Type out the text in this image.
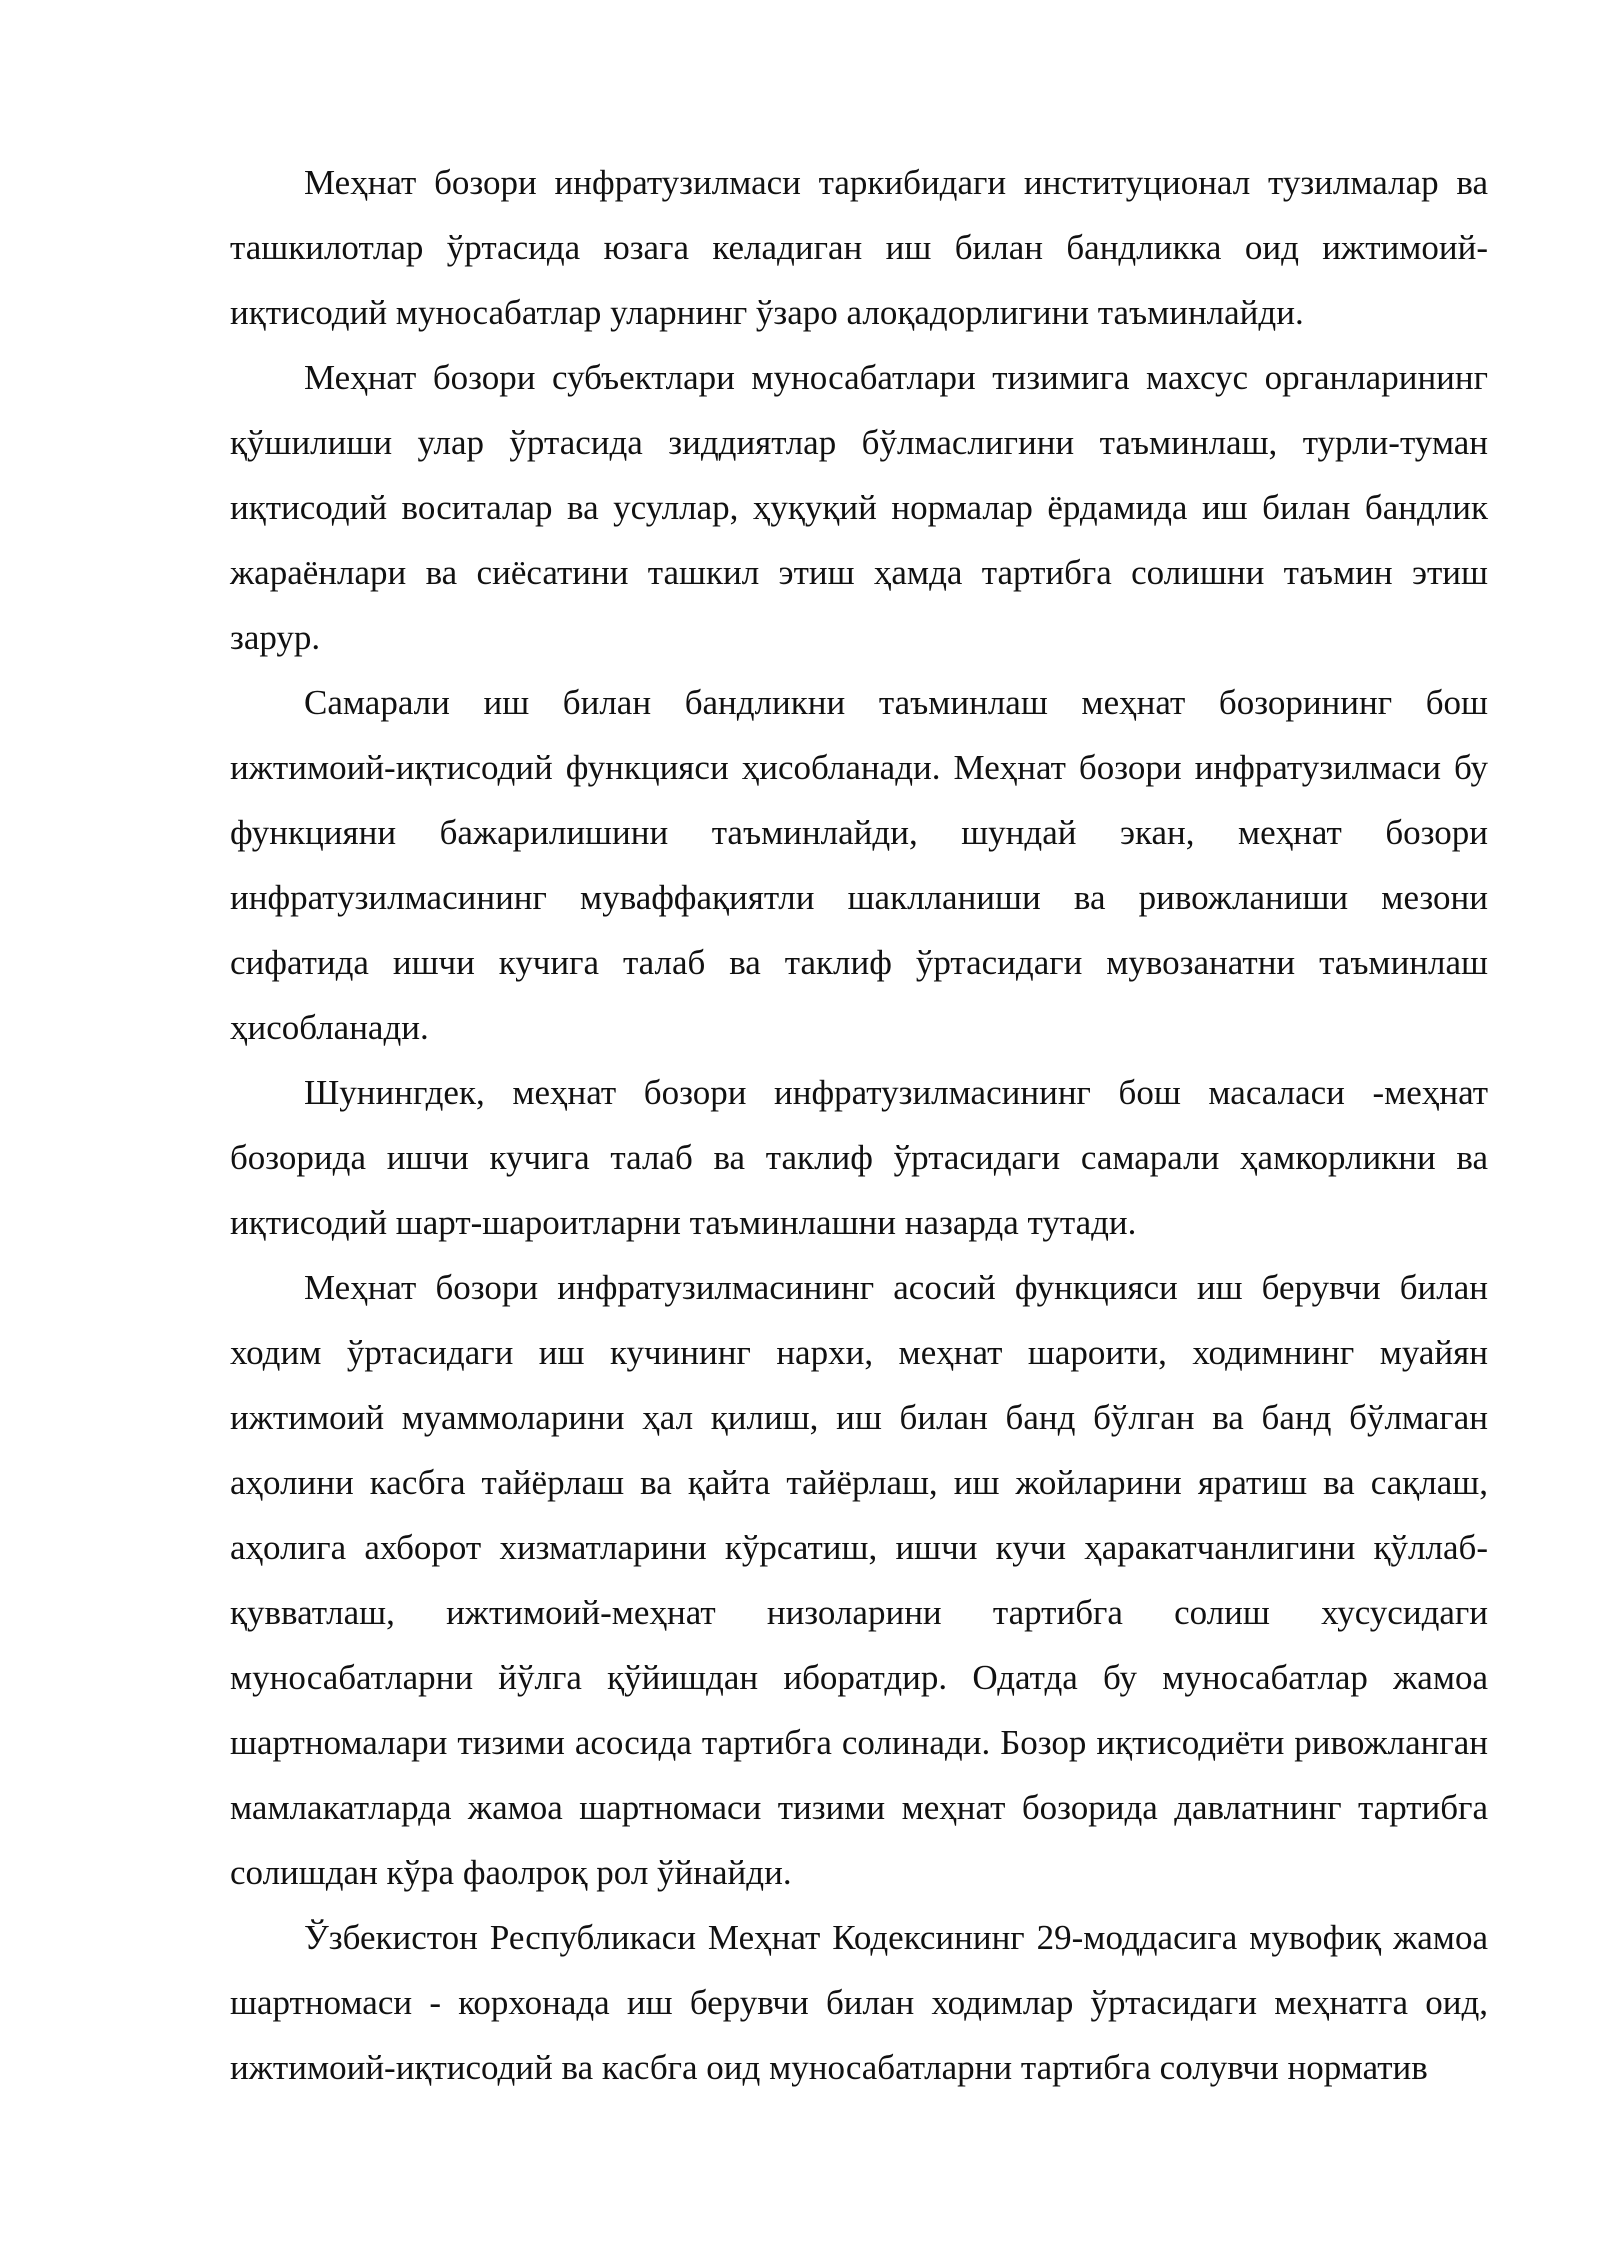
Меҳнат бозори инфратузилмаси таркибидаги институционал тузилмалар ва ташкилотлар ўртасида юзага келадиган иш билан бандликка оид ижтимоий-иқтисодий муносабатлар уларнинг ўзаро алоқадорлигини таъминлайди.

Меҳнат бозори субъектлари муносабатлари тизимига махсус органларининг қўшилиши улар ўртасида зиддиятлар бўлмаслигини таъминлаш, турли-туман иқтисодий воситалар ва усуллар, ҳуқуқий нормалар ёрдамида иш билан бандлик жараёнлари ва сиёсатини ташкил этиш ҳамда тартибга солишни таъмин этиш зарур.

Самарали иш билан бандликни таъминлаш меҳнат бозорининг бош ижтимоий-иқтисодий функцияси ҳисобланади. Меҳнат бозори инфратузилмаси бу функцияни бажарилишини таъминлайди, шундай экан, меҳнат бозори инфратузилмасининг муваффақиятли шаклланиши ва ривожланиши мезони сифатида ишчи кучига талаб ва таклиф ўртасидаги мувозанатни таъминлаш ҳисобланади.

Шунингдек, меҳнат бозори инфратузилмасининг бош масаласи -меҳнат бозорида ишчи кучига талаб ва таклиф ўртасидаги самарали ҳамкорликни ва иқтисодий шарт-шароитларни таъминлашни назарда тутади.

Меҳнат бозори инфратузилмасининг асосий функцияси иш берувчи билан ходим ўртасидаги иш кучининг нархи, меҳнат шароити, ходимнинг муайян ижтимоий муаммоларини ҳал қилиш, иш билан банд бўлган ва банд бўлмаган аҳолини касбга тайёрлаш ва қайта тайёрлаш, иш жойларини яратиш ва сақлаш, аҳолига ахборот хизматларини кўрсатиш, ишчи кучи ҳаракатчанлигини қўллаб-қувватлаш, ижтимоий-меҳнат низоларини тартибга солиш хусусидаги муносабатларни йўлга қўйишдан иборатдир. Одатда бу муносабатлар жамоа шартномалари тизими асосида тартибга солинади. Бозор иқтисодиёти ривожланган мамлакатларда жамоа шартномаси тизими меҳнат бозорида давлатнинг тартибга солишдан кўра фаолроқ рол ўйнайди.

Ўзбекистон Республикаси Меҳнат Кодексининг 29-моддасига мувофиқ жамоа шартномаси - корхонада иш берувчи билан ходимлар ўртасидаги меҳнатга оид, ижтимоий-иқтисодий ва касбга оид муносабатларни тартибга солувчи норматив
